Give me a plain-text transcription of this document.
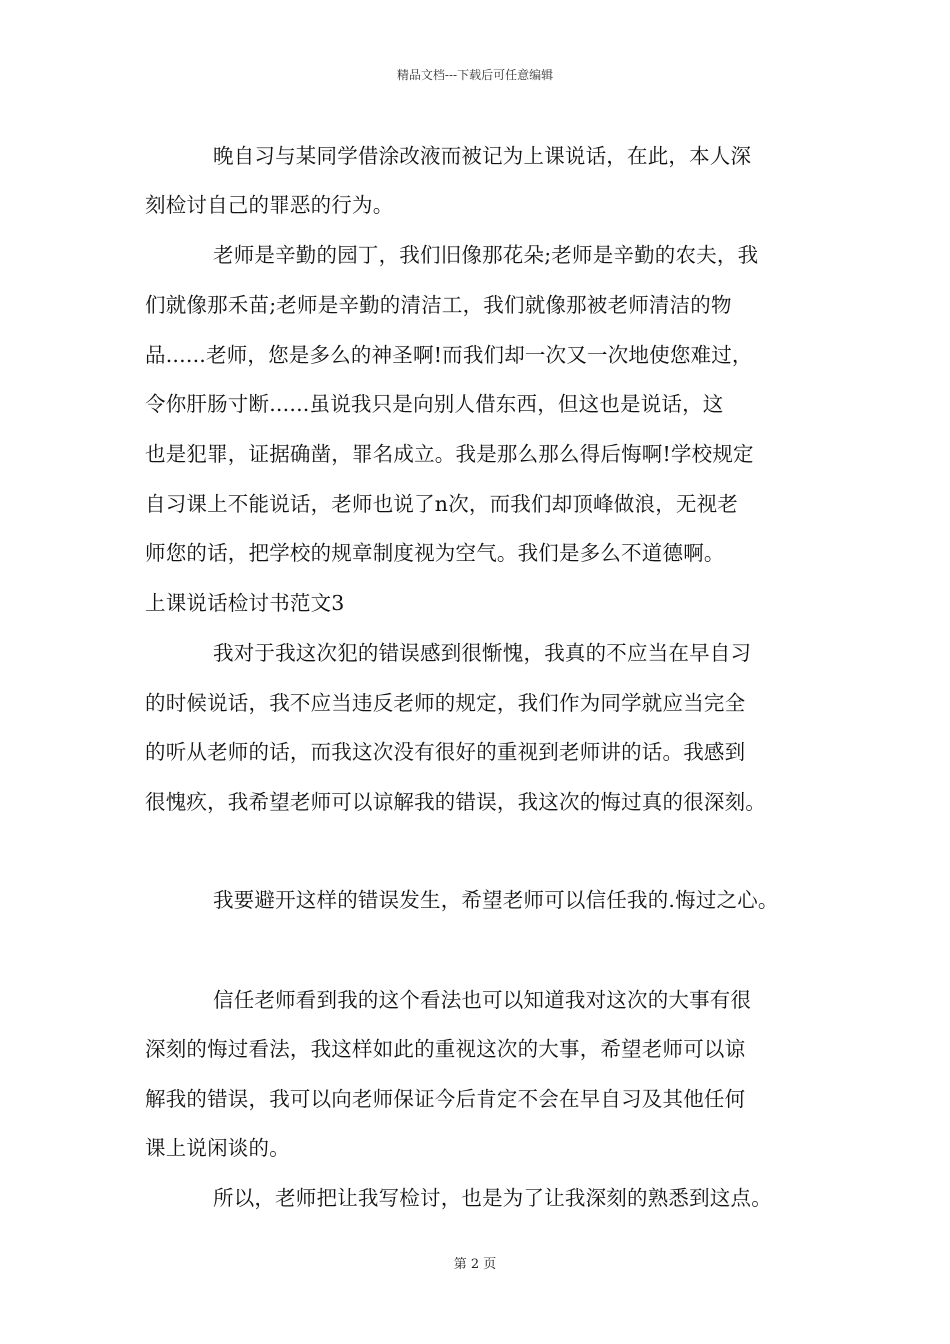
精品文档---下载后可任意编辑
晚自习与某同学借涂改液而被记为上课说话，在此，本人深
刻检讨自己的罪恶的行为。
老师是辛勤的园丁，我们旧像那花朵;老师是辛勤的农夫，我
们就像那禾苗;老师是辛勤的清洁工，我们就像那被老师清洁的物
品......老师，您是多么的神圣啊!而我们却一次又一次地使您难过，
令你肝肠寸断......虽说我只是向别人借东西，但这也是说话，这
也是犯罪，证据确凿，罪名成立。我是那么那么得后悔啊!学校规定
自习课上不能说话，老师也说了n次，而我们却顶峰做浪，无视老
师您的话，把学校的规章制度视为空气。我们是多么不道德啊。
上课说话检讨书范文3
我对于我这次犯的错误感到很惭愧，我真的不应当在早自习
的时候说话，我不应当违反老师的规定，我们作为同学就应当完全
的听从老师的话，而我这次没有很好的重视到老师讲的话。我感到
很愧疚，我希望老师可以谅解我的错误，我这次的悔过真的很深刻。
我要避开这样的错误发生，希望老师可以信任我的.悔过之心。
信任老师看到我的这个看法也可以知道我对这次的大事有很
深刻的悔过看法，我这样如此的重视这次的大事，希望老师可以谅
解我的错误，我可以向老师保证今后肯定不会在早自习及其他任何
课上说闲谈的。
所以，老师把让我写检讨，也是为了让我深刻的熟悉到这点。
第 2 页
